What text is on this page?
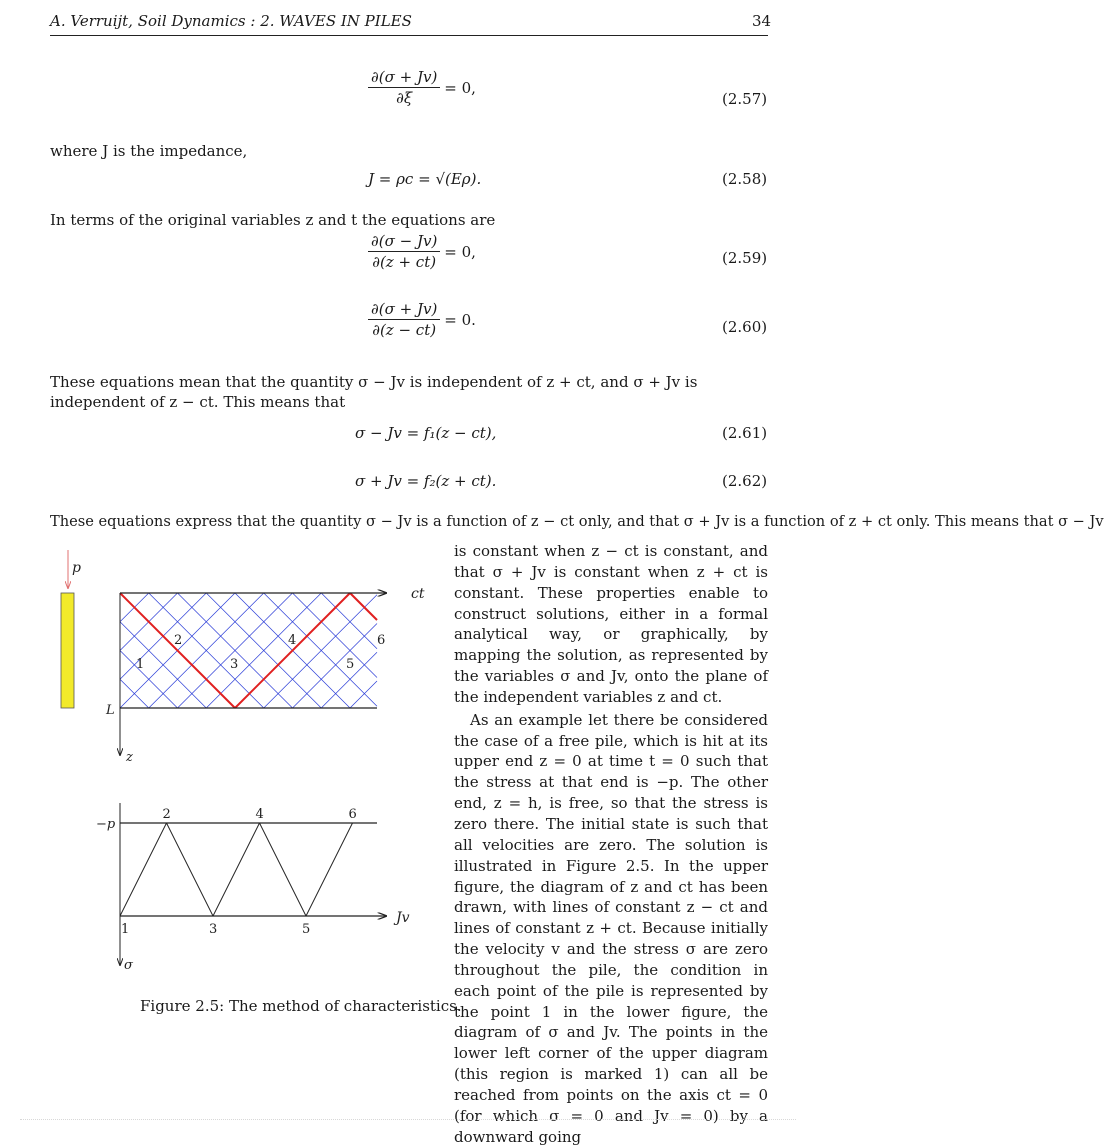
A. Verruijt, Soil Dynamics : 2. WAVES IN PILES	34
$\frac{\partial(\sigma + Jv)}{\partial\xi} = 0$,
(2.57)
where J is the impedance,
J = ρc = √(Eρ).	(2.58)
In terms of the original variables z and t the equations are
$\frac{\partial(\sigma - Jv)}{\partial(z + ct)} = 0$,	(2.59)
$\frac{\partial(\sigma + Jv)}{\partial(z - ct)} = 0$.	(2.60)
These equations mean that the quantity σ − Jv is independent of z + ct, and σ + Jv is independent of z − ct. This means that
σ − Jv = f₁(z − ct),	(2.61)
σ + Jv = f₂(z + ct).	(2.62)
These equations express that the quantity σ − Jv is a function of z − ct only, and that σ + Jv is a function of z + ct only. This means that σ − Jv

is constant when z − ct is constant, and that σ + Jv is constant when z + ct is constant. These properties enable to construct solutions, either in a formal analytical way, or graphically, by mapping the solution, as represented by the variables σ and Jv, onto the plane of the independent variables z and ct.

As an example let there be considered the case of a free pile, which is hit at its upper end z = 0 at time t = 0 such that the stress at that end is −p. The other end, z = h, is free, so that the stress is zero there. The initial state is such that all velocities are zero. The solution is illustrated in Figure 2.5. In the upper figure, the diagram of z and ct has been drawn, with lines of constant z − ct and lines of constant z + ct. Because initially the velocity v and the stress σ are zero throughout the pile, the condition in each point of the pile is represented by the point 1 in the lower figure, the diagram of σ and Jv. The points in the lower left corner of the upper diagram (this region is marked 1) can all be reached from points on the axis ct = 0 (for which σ = 0 and Jv = 0) by a downward going

p
ct
z
L
1
2
3
4
5
6
−p
Jv
σ
2	4	6
1	3	5
Figure 2.5: The method of characteristics.
